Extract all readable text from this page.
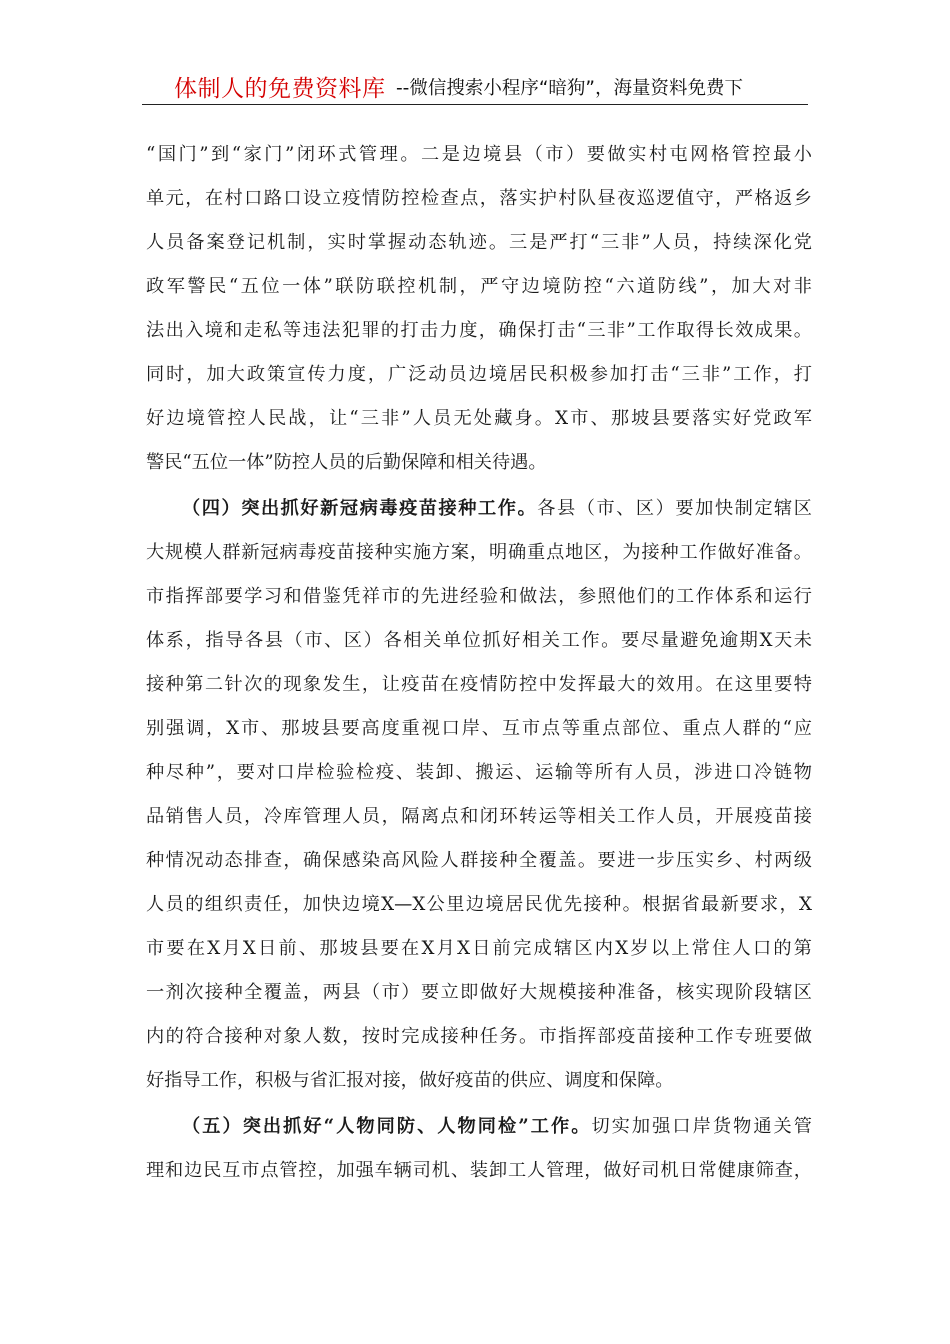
体制人的免费资料库 --微信搜索小程序“暗狗”，海量资料免费下
“国门”到“家门”闭环式管理。二是边境县（市）要做实村屯网格管控最小
单元，在村口路口设立疫情防控检查点，落实护村队昼夜巡逻值守，严格返乡
人员备案登记机制，实时掌握动态轨迹。三是严打“三非”人员，持续深化党
政军警民“五位一体”联防联控机制，严守边境防控“六道防线”，加大对非
法出入境和走私等违法犯罪的打击力度，确保打击“三非”工作取得长效成果。
同时，加大政策宣传力度，广泛动员边境居民积极参加打击“三非”工作，打
好边境管控人民战，让“三非”人员无处藏身。X市、那坡县要落实好党政军
警民“五位一体”防控人员的后勤保障和相关待遇。
（四）突出抓好新冠病毒疫苗接种工作。各县（市、区）要加快制定辖区
大规模人群新冠病毒疫苗接种实施方案，明确重点地区，为接种工作做好准备。
市指挥部要学习和借鉴凭祥市的先进经验和做法，参照他们的工作体系和运行
体系，指导各县（市、区）各相关单位抓好相关工作。要尽量避免逾期X天未
接种第二针次的现象发生，让疫苗在疫情防控中发挥最大的效用。在这里要特
别强调，X市、那坡县要高度重视口岸、互市点等重点部位、重点人群的“应
种尽种”，要对口岸检验检疫、装卸、搬运、运输等所有人员，涉进口冷链物
品销售人员，冷库管理人员，隔离点和闭环转运等相关工作人员，开展疫苗接
种情况动态排查，确保感染高风险人群接种全覆盖。要进一步压实乡、村两级
人员的组织责任，加快边境X—X公里边境居民优先接种。根据省最新要求，X
市要在X月X日前、那坡县要在X月X日前完成辖区内X岁以上常住人口的第
一剂次接种全覆盖，两县（市）要立即做好大规模接种准备，核实现阶段辖区
内的符合接种对象人数，按时完成接种任务。市指挥部疫苗接种工作专班要做
好指导工作，积极与省汇报对接，做好疫苗的供应、调度和保障。
（五）突出抓好“人物同防、人物同检”工作。切实加强口岸货物通关管
理和边民互市点管控，加强车辆司机、装卸工人管理，做好司机日常健康筛查，
